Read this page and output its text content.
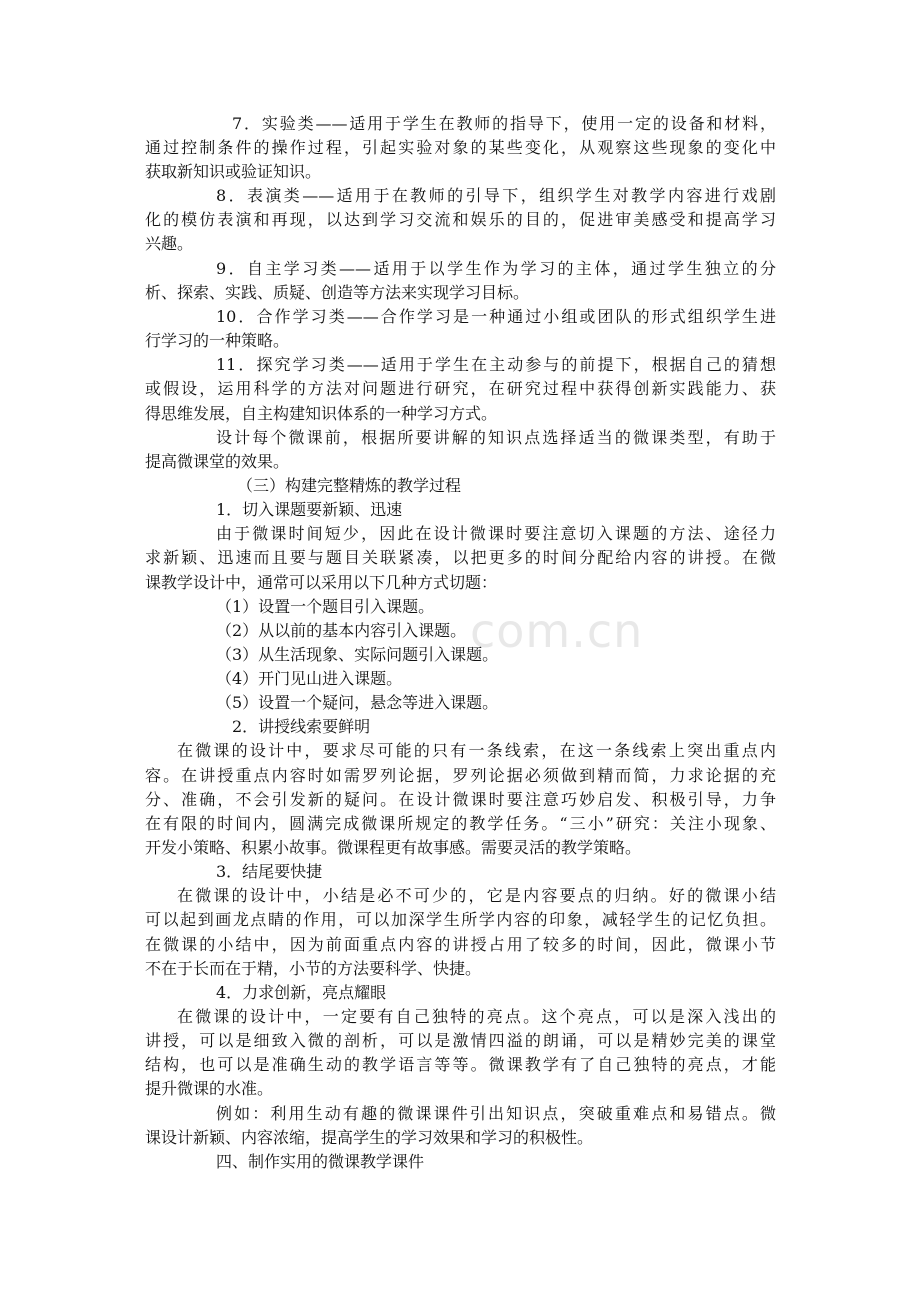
com.cn
7．实验类——适用于学生在教师的指导下，使用一定的设备和材料，
通过控制条件的操作过程，引起实验对象的某些变化，从观察这些现象的变化中
获取新知识或验证知识。
8．表演类——适用于在教师的引导下，组织学生对教学内容进行戏剧
化的模仿表演和再现，以达到学习交流和娱乐的目的，促进审美感受和提高学习
兴趣。
9．自主学习类——适用于以学生作为学习的主体，通过学生独立的分
析、探索、实践、质疑、创造等方法来实现学习目标。
10．合作学习类——合作学习是一种通过小组或团队的形式组织学生进
行学习的一种策略。
11．探究学习类——适用于学生在主动参与的前提下，根据自己的猜想
或假设，运用科学的方法对问题进行研究，在研究过程中获得创新实践能力、获
得思维发展，自主构建知识体系的一种学习方式。
设计每个微课前，根据所要讲解的知识点选择适当的微课类型，有助于
提高微课堂的效果。
（三）构建完整精炼的教学过程
1．切入课题要新颖、迅速
由于微课时间短少，因此在设计微课时要注意切入课题的方法、途径力
求新颖、迅速而且要与题目关联紧凑，以把更多的时间分配给内容的讲授。在微
课教学设计中，通常可以采用以下几种方式切题：
（1）设置一个题目引入课题。
（2）从以前的基本内容引入课题。
（3）从生活现象、实际问题引入课题。
（4）开门见山进入课题。
（5）设置一个疑问，悬念等进入课题。
2．讲授线索要鲜明
在微课的设计中，要求尽可能的只有一条线索，在这一条线索上突出重点内
容。在讲授重点内容时如需罗列论据，罗列论据必须做到精而简，力求论据的充
分、准确，不会引发新的疑问。在设计微课时要注意巧妙启发、积极引导，力争
在有限的时间内，圆满完成微课所规定的教学任务。“三小”研究：关注小现象、
开发小策略、积累小故事。微课程更有故事感。需要灵活的教学策略。
3．结尾要快捷
在微课的设计中，小结是必不可少的，它是内容要点的归纳。好的微课小结
可以起到画龙点睛的作用，可以加深学生所学内容的印象，减轻学生的记忆负担。
在微课的小结中，因为前面重点内容的讲授占用了较多的时间，因此，微课小节
不在于长而在于精，小节的方法要科学、快捷。
4．力求创新，亮点耀眼
在微课的设计中，一定要有自己独特的亮点。这个亮点，可以是深入浅出的
讲授，可以是细致入微的剖析，可以是激情四溢的朗诵，可以是精妙完美的课堂
结构，也可以是准确生动的教学语言等等。微课教学有了自己独特的亮点，才能
提升微课的水准。
例如：利用生动有趣的微课课件引出知识点，突破重难点和易错点。微
课设计新颖、内容浓缩，提高学生的学习效果和学习的积极性。
四、制作实用的微课教学课件
